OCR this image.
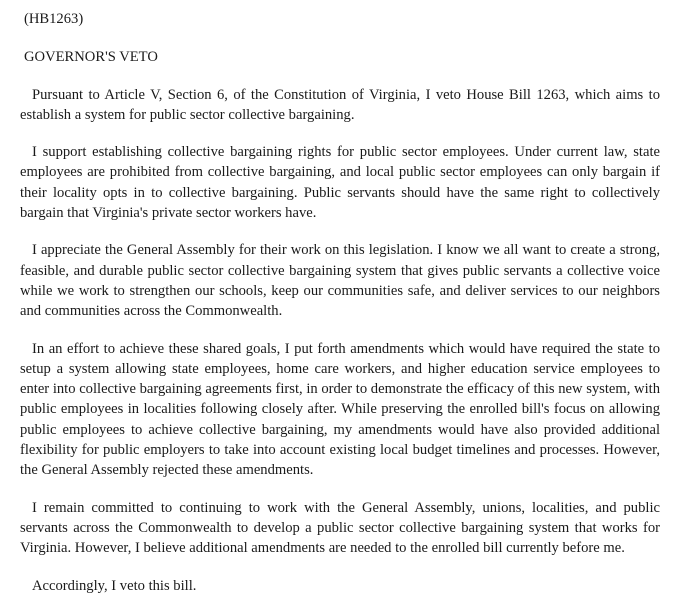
(HB1263)
GOVERNOR'S VETO

Pursuant to Article V, Section 6, of the Constitution of Virginia, I veto House Bill 1263, which aims to establish a system for public sector collective bargaining.

I support establishing collective bargaining rights for public sector employees. Under current law, state employees are prohibited from collective bargaining, and local public sector employees can only bargain if their locality opts in to collective bargaining. Public servants should have the same right to collectively bargain that Virginia's private sector workers have.

I appreciate the General Assembly for their work on this legislation. I know we all want to create a strong, feasible, and durable public sector collective bargaining system that gives public servants a collective voice while we work to strengthen our schools, keep our communities safe, and deliver services to our neighbors and communities across the Commonwealth.

In an effort to achieve these shared goals, I put forth amendments which would have required the state to setup a system allowing state employees, home care workers, and higher education service employees to enter into collective bargaining agreements first, in order to demonstrate the efficacy of this new system, with public employees in localities following closely after. While preserving the enrolled bill's focus on allowing public employees to achieve collective bargaining, my amendments would have also provided additional flexibility for public employers to take into account existing local budget timelines and processes. However, the General Assembly rejected these amendments.

I remain committed to continuing to work with the General Assembly, unions, localities, and public servants across the Commonwealth to develop a public sector collective bargaining system that works for Virginia. However, I believe additional amendments are needed to the enrolled bill currently before me.

Accordingly, I veto this bill.
